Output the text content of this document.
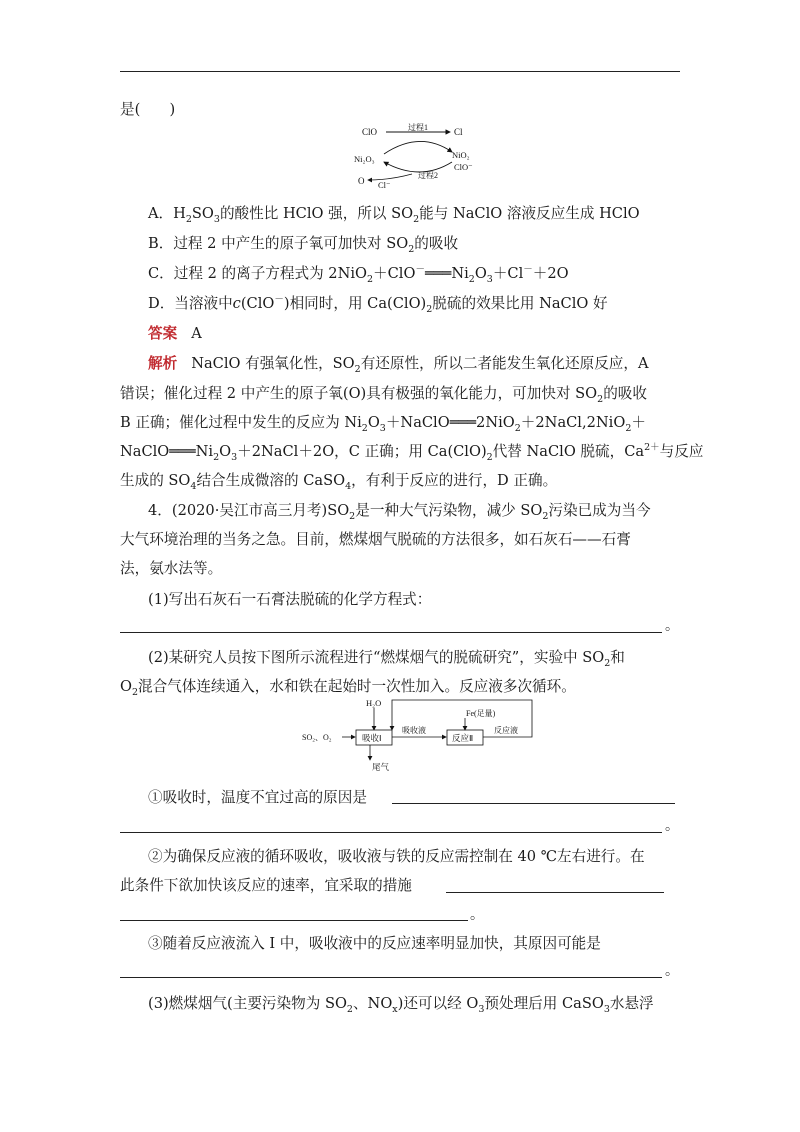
是(　　)
ClO	过程1	Cl
Ni₂O₃	NiO₂
ClO⁻
O Cl⁻
过程2
A．$H_2SO_3$的酸性比 HClO 强，所以 $SO_2$能与 NaClO 溶液反应生成 HClO
B．过程 2 中产生的原子氧可加快对 $SO_2$的吸收
C．过程 2 的离子方程式为 $2NiO_2+ClO^-═══Ni_2O_3+Cl^-+2O$
D．当溶液中c(ClO－)相同时，用 $Ca(ClO)_2$脱硫的效果比用 NaClO 好
答案 A
解析 NaClO 有强氧化性，$SO_2$有还原性，所以二者能发生氧化还原反应，A
错误；催化过程 2 中产生的原子氧(O)具有极强的氧化能力，可加快对 $SO_2$的吸收
B 正确；催化过程中发生的反应为 $Ni_2O_3+NaClO═══2NiO_2+2NaCl,2NiO_2+$
$NaClO═══Ni_2O_3+2NaCl+2O$，C 正确；用 $Ca(ClO)_2$代替 NaClO 脱硫，$Ca^{2+}$与反应
生成的 $SO_4$结合生成微溶的 CaSO$_4$，有利于反应的进行，D 正确。
4．(2020·吴江市高三月考)$SO_2$是一种大气污染物，减少 $SO_2$污染已成为当今
大气环境治理的当务之急。目前，燃煤烟气脱硫的方法很多，如石灰石——石膏
法，氨水法等。
(1)写出石灰石一石膏法脱硫的化学方程式：
。
(2)某研究人员按下图所示流程进行“燃煤烟气的脱硫研究”，实验中 $SO_2$和
$O_2$混合气体连续通入，水和铁在起始时一次性加入。反应液多次循环。
H₂O
SO₂、O₂	吸收Ⅰ
吸收液
反应Ⅱ
Fe(足量)
反应液
尾气
①吸收时，温度不宜过高的原因是
。
②为确保反应液的循环吸收，吸收液与铁的反应需控制在 40 ℃左右进行。在
此条件下欲加快该反应的速率，宜采取的措施
。
③随着反应液流入 Ⅰ 中，吸收液中的反应速率明显加快，其原因可能是
。
(3)燃煤烟气(主要污染物为 $SO_2$、$NO_x$)还可以经 $O_3$预处理后用 CaSO$_3$水悬浮
